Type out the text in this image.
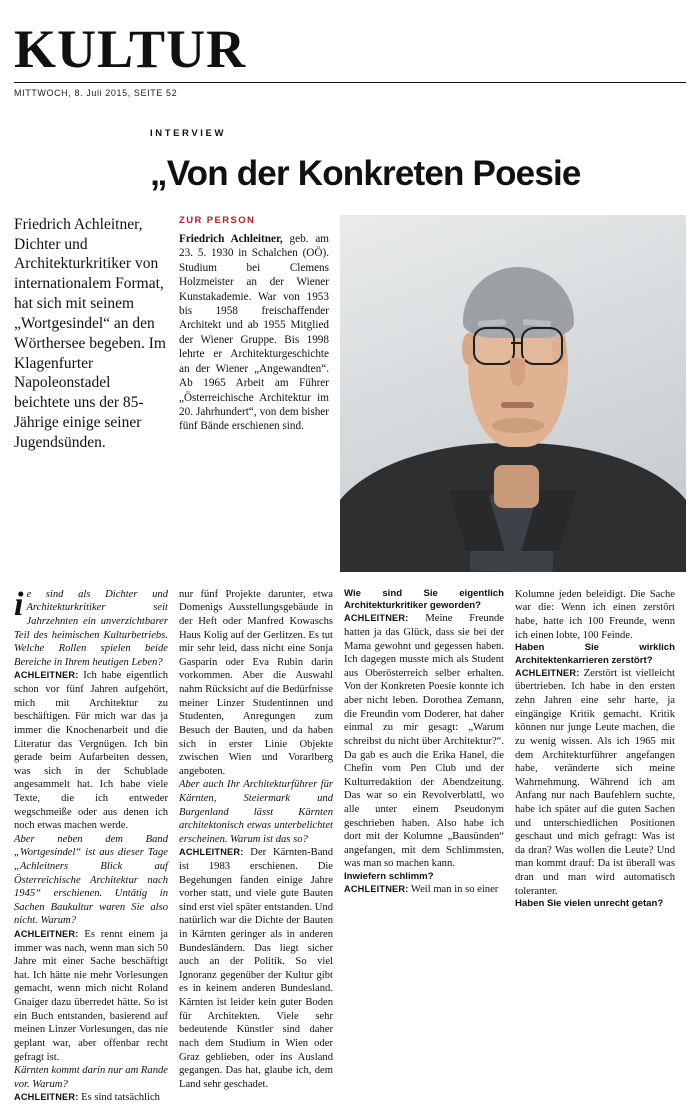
KULTUR
MITTWOCH, 8. Juli 2015, SEITE 52
INTERVIEW
„Von der Konkreten Poesie
Friedrich Achleitner, Dichter und Architekturkritiker von internationalem Format, hat sich mit seinem „Wortgesindel“ an den Wörthersee begeben. Im Klagenfurter Napoleonstadel beichtete uns der 85-Jährige einige seiner Jugendsünden.
ZUR PERSON
Friedrich Achleitner, geb. am 23. 5. 1930 in Schalchen (OÖ). Studium bei Clemens Holzmeister an der Wiener Kunstakademie. War von 1953 bis 1958 freischaffender Architekt und ab 1955 Mitglied der Wiener Gruppe. Bis 1998 lehrte er Architekturgeschichte an der Wiener „Angewandten“. Ab 1965 Arbeit am Führer „Österreichische Architektur im 20. Jahrhundert“, von dem bisher fünf Bände erschienen sind.

ie sind als Dichter und Architekturkritiker seit Jahrzehnten ein unverzichtbarer Teil des heimischen Kulturbetriebs. Welche Rollen spielen beide Bereiche in Ihrem heutigen Leben?

ACHLEITNER: Ich habe eigentlich schon vor fünf Jahren aufgehört, mich mit Architektur zu beschäftigen. Für mich war das ja immer die Knochenarbeit und die Literatur das Vergnügen. Ich bin gerade beim Aufarbeiten dessen, was sich in der Schublade angesammelt hat. Ich habe viele Texte, die ich entweder wegschmeiße oder aus denen ich noch etwas machen werde.

Aber neben dem Band „Wortgesindel“ ist aus dieser Tage „Achleitners Blick auf Österreichische Architektur nach 1945“ erschienen. Untätig in Sachen Baukultur waren Sie also nicht. Warum?

ACHLEITNER: Es rennt einem ja immer was nach, wenn man sich 50 Jahre mit einer Sache beschäftigt hat. Ich hätte nie mehr Vorlesungen gemacht, wenn mich nicht Roland Gnaiger dazu überredet hätte. So ist ein Buch entstanden, basierend auf meinen Linzer Vorlesungen, das nie geplant war, aber offenbar recht gefragt ist.

Kärnten kommt darin nur am Rande vor. Warum?

ACHLEITNER: Es sind tatsächlich

nur fünf Projekte darunter, etwa Domenigs Ausstellungsgebäude in der Heft oder Manfred Kowaschs Haus Kolig auf der Gerlitzen. Es tut mir sehr leid, dass nicht eine Sonja Gasparin oder Eva Rubin darin vorkommen. Aber die Auswahl nahm Rücksicht auf die Bedürfnisse meiner Linzer Studentinnen und Studenten, Anregungen zum Besuch der Bauten, und da haben sich in erster Linie Objekte zwischen Wien und Vorarlberg angeboten.

Aber auch Ihr Architekturführer für Kärnten, Steiermark und Burgenland lässt Kärnten architektonisch etwas unterbelichtet erscheinen. Warum ist das so?

ACHLEITNER: Der Kärnten-Band ist 1983 erschienen. Die Begehungen fanden einige Jahre vorher statt, und viele gute Bauten sind erst viel später entstanden. Und natürlich war die Dichte der Bauten in Kärnten geringer als in anderen Bundesländern. Das liegt sicher auch an der Politik. So viel Ignoranz gegenüber der Kultur gibt es in keinem anderen Bundesland. Kärnten ist leider kein guter Boden für Architekten. Viele sehr bedeutende Künstler sind daher nach dem Studium in Wien oder Graz geblieben, oder ins Ausland gegangen. Das hat, glaube ich, dem Land sehr geschadet.

Wie sind Sie eigentlich Architekturkritiker geworden?

ACHLEITNER: Meine Freunde hatten ja das Glück, dass sie bei der Mama gewohnt und gegessen haben. Ich dagegen musste mich als Student aus Oberösterreich selber erhalten. Von der Konkreten Poesie konnte ich aber nicht leben. Dorothea Zemann, die Freundin vom Doderer, hat daher einmal zu mir gesagt: „Warum schreibst du nicht über Architektur?“. Da gab es auch die Erika Hanel, die Chefin vom Pen Club und der Kulturredaktion der Abendzeitung. Das war so ein Revolverblattl, wo alle unter einem Pseudonym geschrieben haben. Also habe ich dort mit der Kolumne „Bausünden“ angefangen, mit dem Schlimmsten, was man so machen kann.

Inwiefern schlimm?

ACHLEITNER: Weil man in so einer

Kolumne jeden beleidigt. Die Sache war die: Wenn ich einen zerstört habe, hatte ich 100 Freunde, wenn ich einen lobte, 100 Feinde.

Haben Sie wirklich Architektenkarrieren zerstört?

ACHLEITNER: Zerstört ist vielleicht übertrieben. Ich habe in den ersten zehn Jahren eine sehr harte, ja eingängige Kritik gemacht. Kritik können nur junge Leute machen, die zu wenig wissen. Als ich 1965 mit dem Architekturführer angefangen habe, veränderte sich meine Wahrnehmung. Während ich am Anfang nur nach Baufehlern suchte, habe ich später auf die guten Sachen und unterschiedlichen Positionen geschaut und mich gefragt: Was ist da dran? Was wollen die Leute? Und man kommt drauf: Da ist überall was dran und man wird automatisch toleranter.

Haben Sie vielen unrecht getan?
